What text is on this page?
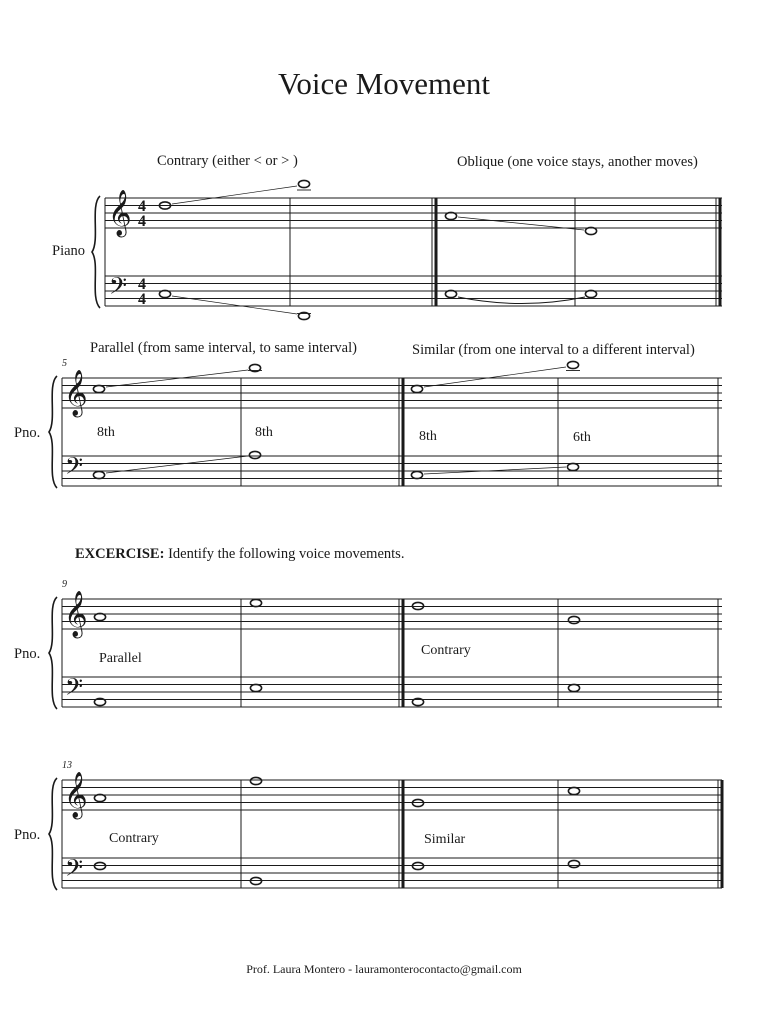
Voice Movement
Contrary (either < or > )	Oblique (one voice stays, another moves)
Parallel (from same interval, to same interval)	Similar (from one interval to a different interval)
EXCERCISE: Identify the following voice movements.
Prof. Laura Montero - lauramonterocontacto@gmail.com
𝄞
𝄢
4
4
4
4
Piano
𝄞
𝄢
5
Pno.	8th	8th	8th	6th
𝄞
𝄢
9
Pno.	Parallel
Contrary
𝄞
𝄢
13
Pno.	Contrary	Similar
